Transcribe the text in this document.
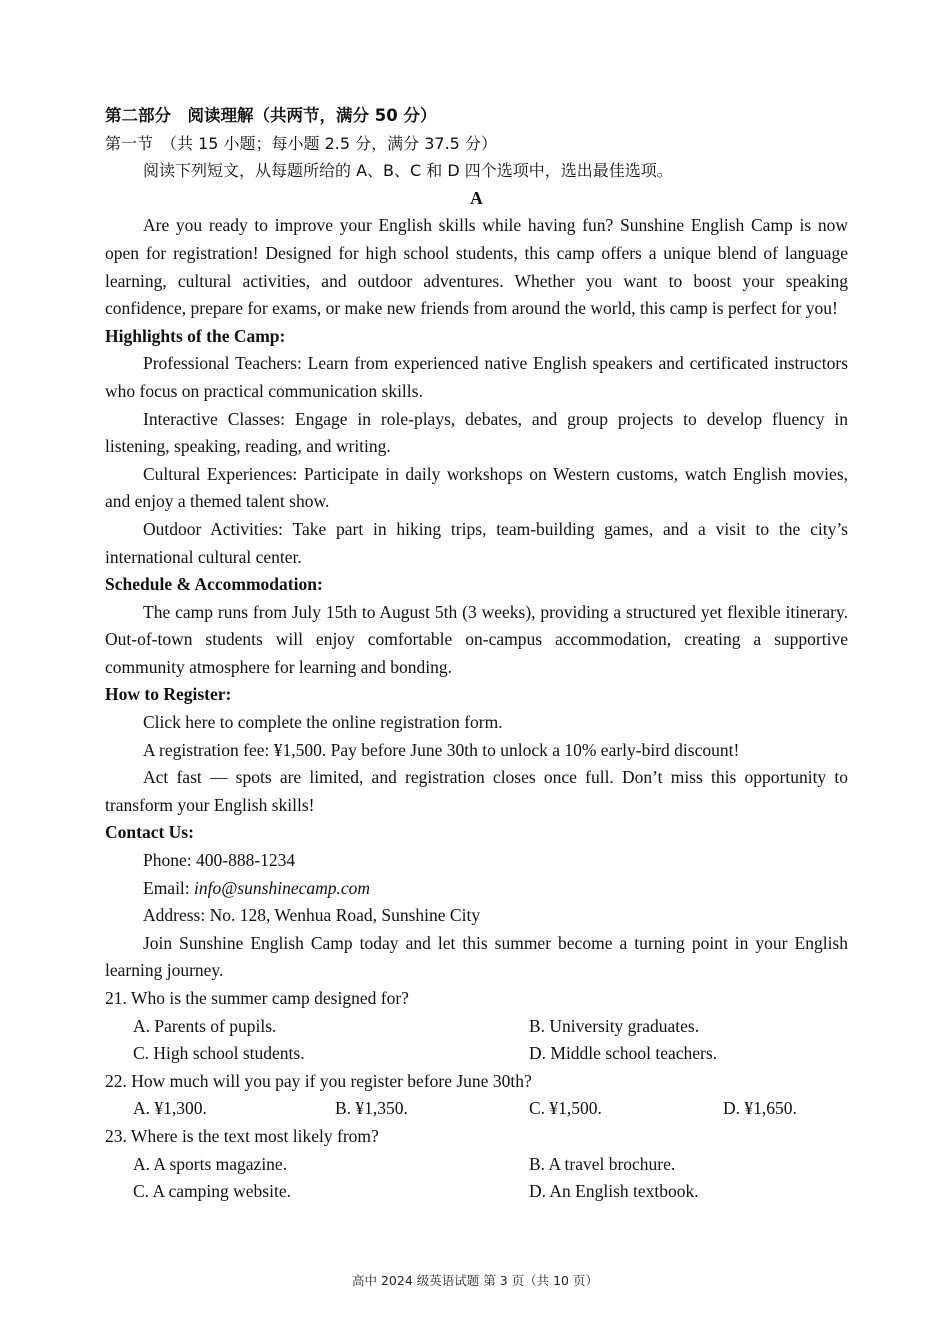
第二部分　阅读理解（共两节，满分 50 分）

第一节　（共 15 小题；每小题 2.5 分，满分 37.5 分）

阅读下列短文，从每题所给的 A、B、C 和 D 四个选项中，选出最佳选项。

A

Are you ready to improve your English skills while having fun? Sunshine English Camp is now open for registration! Designed for high school students, this camp offers a unique blend of language learning, cultural activities, and outdoor adventures. Whether you want to boost your speaking confidence, prepare for exams, or make new friends from around the world, this camp is perfect for you!

Highlights of the Camp:

Professional Teachers: Learn from experienced native English speakers and certificated instructors who focus on practical communication skills.

Interactive Classes: Engage in role-plays, debates, and group projects to develop fluency in listening, speaking, reading, and writing.

Cultural Experiences: Participate in daily workshops on Western customs, watch English movies, and enjoy a themed talent show.

Outdoor Activities: Take part in hiking trips, team-building games, and a visit to the city’s international cultural center.

Schedule & Accommodation:

The camp runs from July 15th to August 5th (3 weeks), providing a structured yet flexible itinerary. Out-of-town students will enjoy comfortable on-campus accommodation, creating a supportive community atmosphere for learning and bonding.

How to Register:

Click here to complete the online registration form.

A registration fee: ¥1,500. Pay before June 30th to unlock a 10% early-bird discount!

Act fast — spots are limited, and registration closes once full. Don’t miss this opportunity to transform your English skills!

Contact Us:

Phone: 400-888-1234

Email: info@sunshinecamp.com

Address: No. 128, Wenhua Road, Sunshine City

Join Sunshine English Camp today and let this summer become a turning point in your English learning journey.

21. Who is the summer camp designed for?

A. Parents of pupils.	B. University graduates.
C. High school students.	D. Middle school teachers.

22. How much will you pay if you register before June 30th?

A. ¥1,300.	B. ¥1,350.	C. ¥1,500.	D. ¥1,650.

23. Where is the text most likely from?

A. A sports magazine.	B. A travel brochure.
C. A camping website.	D. An English textbook.
高中 2024 级英语试题 第 3 页（共 10 页）
